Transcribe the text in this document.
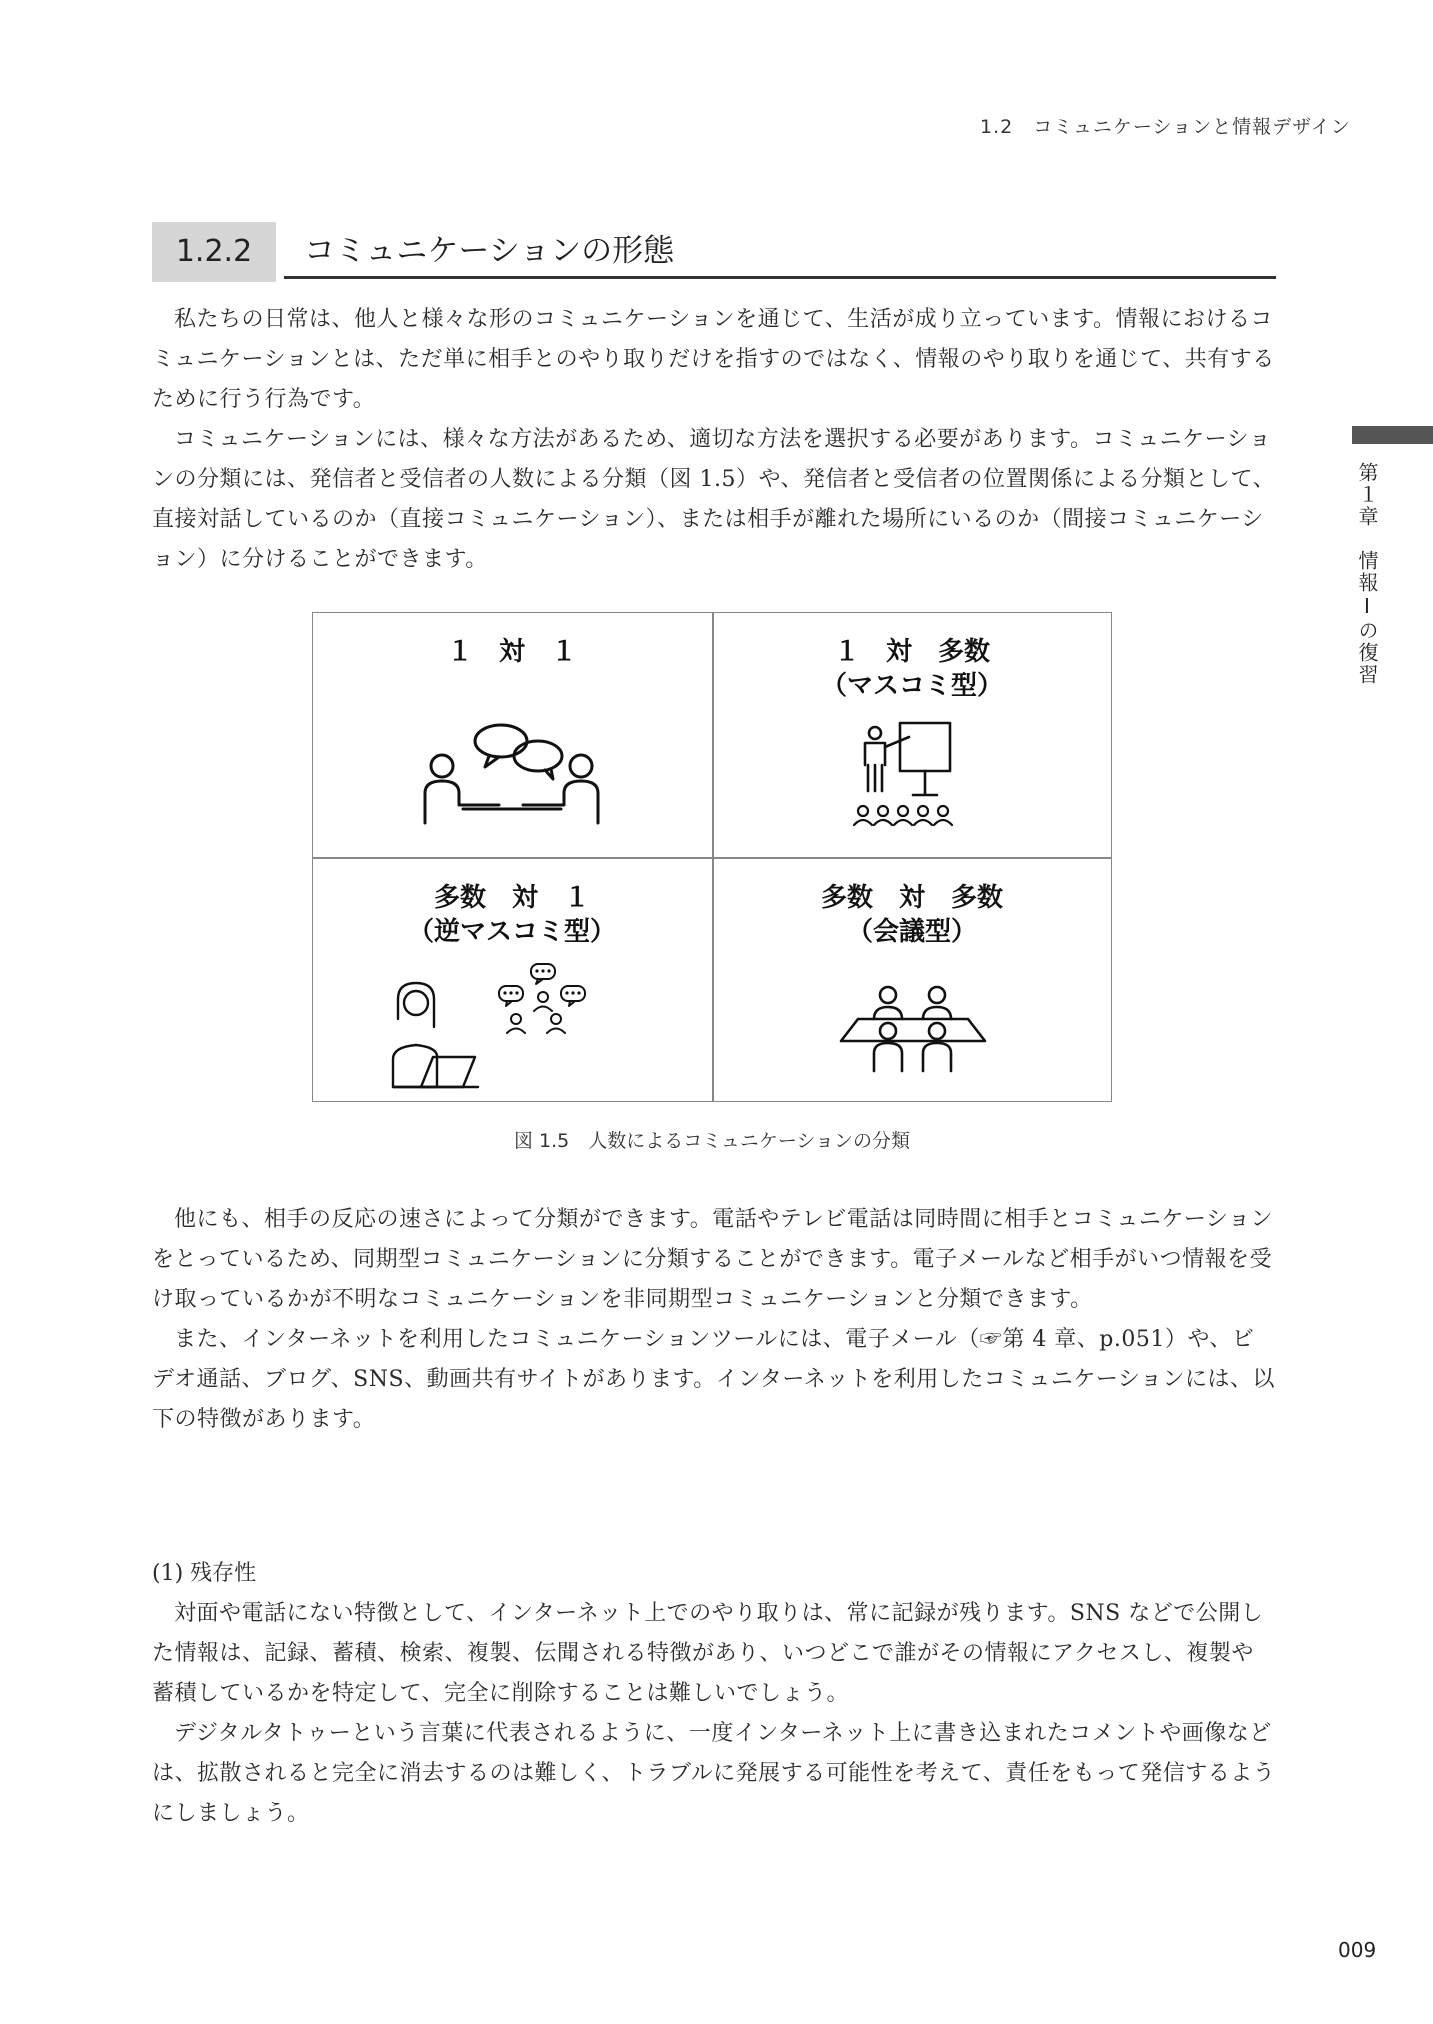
1.2　コミュニケーションと情報デザイン
1.2.2	コミュニケーションの形態

私たちの日常は、他人と様々な形のコミュニケーションを通じて、生活が成り立っています。情報におけるコミュニケーションとは、ただ単に相手とのやり取りだけを指すのではなく、情報のやり取りを通じて、共有するために行う行為です。

コミュニケーションには、様々な方法があるため、適切な方法を選択する必要があります。コミュニケーションの分類には、発信者と受信者の人数による分類（図 1.5）や、発信者と受信者の位置関係による分類として、直接対話しているのか（直接コミュニケーション）、または相手が離れた場所にいるのか（間接コミュニケーション）に分けることができます。

１　対　１	１　対　多数
（マスコミ型）
多数　対　１
（逆マスコミ型）
多数　対　多数
（会議型）
図 1.5　人数によるコミュニケーションの分類

他にも、相手の反応の速さによって分類ができます。電話やテレビ電話は同時間に相手とコミュニケーションをとっているため、同期型コミュニケーションに分類することができます。電子メールなど相手がいつ情報を受け取っているかが不明なコミュニケーションを非同期型コミュニケーションと分類できます。

また、インターネットを利用したコミュニケーションツールには、電子メール（☞第 4 章、p.051）や、ビデオ通話、ブログ、SNS、動画共有サイトがあります。インターネットを利用したコミュニケーションには、以下の特徴があります。

(1) 残存性

対面や電話にない特徴として、インターネット上でのやり取りは、常に記録が残ります。SNS などで公開した情報は、記録、蓄積、検索、複製、伝聞される特徴があり、いつどこで誰がその情報にアクセスし、複製や蓄積しているかを特定して、完全に削除することは難しいでしょう。

デジタルタトゥーという言葉に代表されるように、一度インターネット上に書き込まれたコメントや画像などは、拡散されると完全に消去するのは難しく、トラブルに発展する可能性を考えて、責任をもって発信するようにしましょう。

第１章　情報Ⅰの復習
009
